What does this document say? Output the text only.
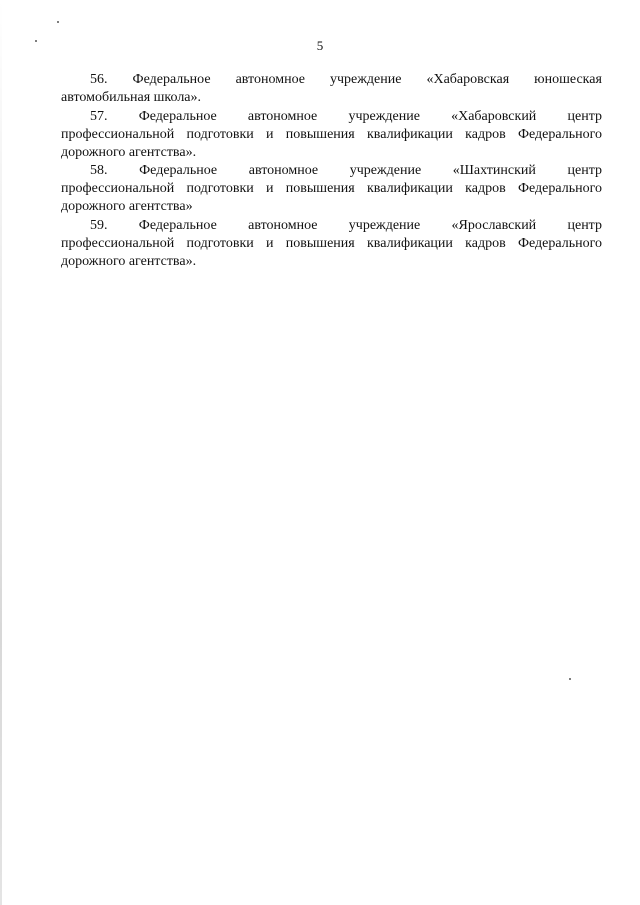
5
56. Федеральное автономное учреждение «Хабаровская юношеская
автомобильная школа».
57. Федеральное автономное учреждение «Хабаровский центр
профессиональной подготовки и повышения квалификации кадров Федерального
дорожного агентства».
58. Федеральное автономное учреждение «Шахтинский центр
профессиональной подготовки и повышения квалификации кадров Федерального
дорожного агентства»
59. Федеральное автономное учреждение «Ярославский центр
профессиональной подготовки и повышения квалификации кадров Федерального
дорожного агентства».
